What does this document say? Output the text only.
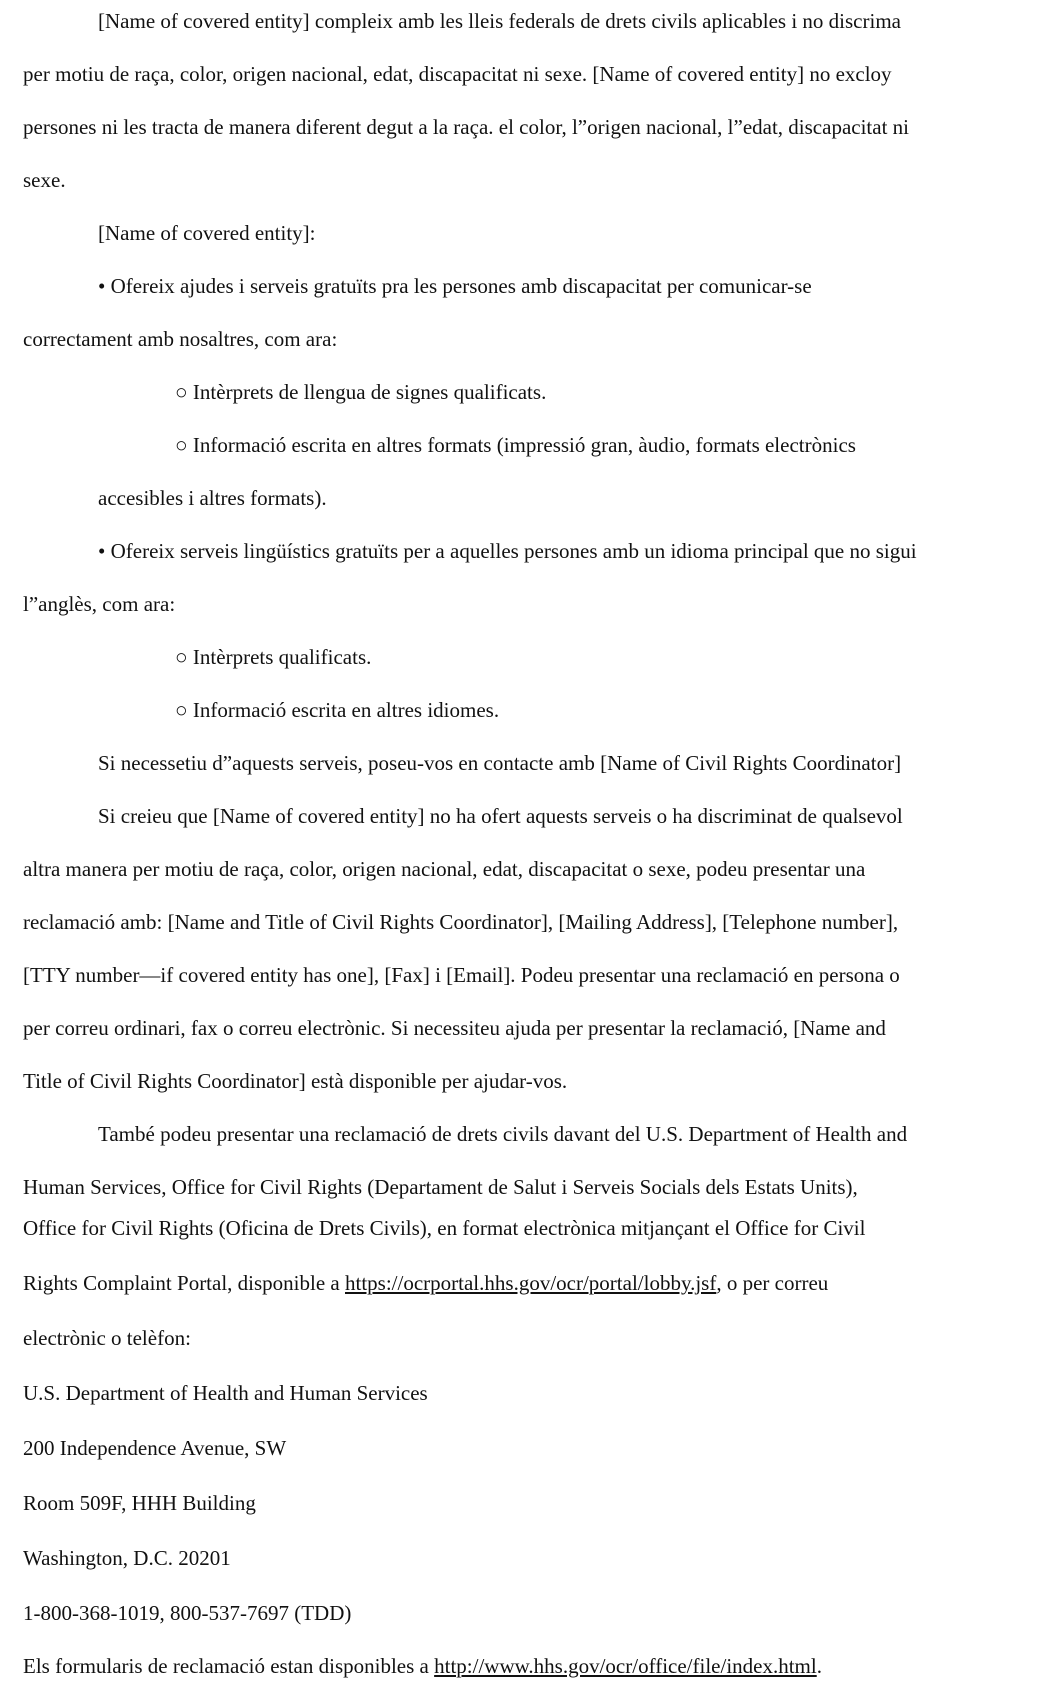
[Name of covered entity] compleix amb les lleis federals de drets civils aplicables i no discrima
per motiu de raça, color, origen nacional, edat, discapacitat ni sexe. [Name of covered entity] no excloy
persones ni les tracta de manera diferent degut a la raça. el color, l”origen nacional, l”edat, discapacitat ni
sexe.
[Name of covered entity]:
• Ofereix ajudes i serveis gratuïts pra les persones amb discapacitat per comunicar-se
correctament amb nosaltres, com ara:
○ Intèrprets de llengua de signes qualificats.
○ Informació escrita en altres formats (impressió gran, àudio, formats electrònics
accesibles i altres formats).
• Ofereix serveis lingüístics gratuïts per a aquelles persones amb un idioma principal que no sigui
l”anglès, com ara:
○ Intèrprets qualificats.
○ Informació escrita en altres idiomes.
Si necessetiu d”aquests serveis, poseu-vos en contacte amb [Name of Civil Rights Coordinator]
Si creieu que [Name of covered entity] no ha ofert aquests serveis o ha discriminat de qualsevol
altra manera per motiu de raça, color, origen nacional, edat, discapacitat o sexe, podeu presentar una
reclamació amb: [Name and Title of Civil Rights Coordinator], [Mailing Address], [Telephone number],
[TTY number—if covered entity has one], [Fax] i [Email]. Podeu presentar una reclamació en persona o
per correu ordinari, fax o correu electrònic. Si necessiteu ajuda per presentar la reclamació, [Name and
Title of Civil Rights Coordinator] està disponible per ajudar-vos.
També podeu presentar una reclamació de drets civils davant del U.S. Department of Health and
Human Services, Office for Civil Rights (Departament de Salut i Serveis Socials dels Estats Units),
Office for Civil Rights (Oficina de Drets Civils), en format electrònica mitjançant el Office for Civil
Rights Complaint Portal, disponible a https://ocrportal.hhs.gov/ocr/portal/lobby.jsf, o per correu
electrònic o telèfon:
U.S. Department of Health and Human Services
200 Independence Avenue, SW
Room 509F, HHH Building
Washington, D.C. 20201
1-800-368-1019, 800-537-7697 (TDD)
Els formularis de reclamació estan disponibles a http://www.hhs.gov/ocr/office/file/index.html.
